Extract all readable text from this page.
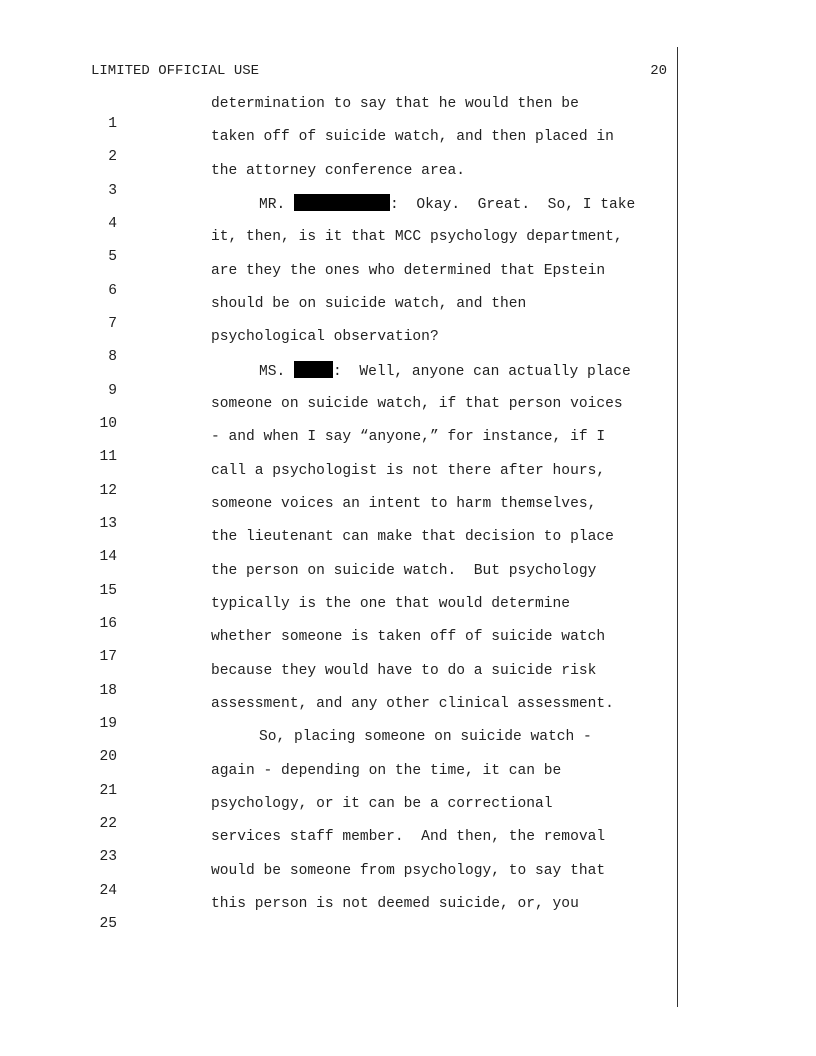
LIMITED OFFICIAL USE	20

1

determination to say that he would then be

2

taken off of suicide watch, and then placed in

3

the attorney conference area.

4

MR.	:  Okay.  Great.  So, I take

5

it, then, is it that MCC psychology department,

6

are they the ones who determined that Epstein

7

should be on suicide watch, and then

8

psychological observation?

9

MS.	:  Well, anyone can actually place

10

someone on suicide watch, if that person voices

11

- and when I say “anyone,” for instance, if I

12

call a psychologist is not there after hours,

13

someone voices an intent to harm themselves,

14

the lieutenant can make that decision to place

15

the person on suicide watch.  But psychology

16

typically is the one that would determine

17

whether someone is taken off of suicide watch

18

because they would have to do a suicide risk

19

assessment, and any other clinical assessment.

20

So, placing someone on suicide watch -

21

again - depending on the time, it can be

22

psychology, or it can be a correctional

23

services staff member.  And then, the removal

24

would be someone from psychology, to say that

25

this person is not deemed suicide, or, you
